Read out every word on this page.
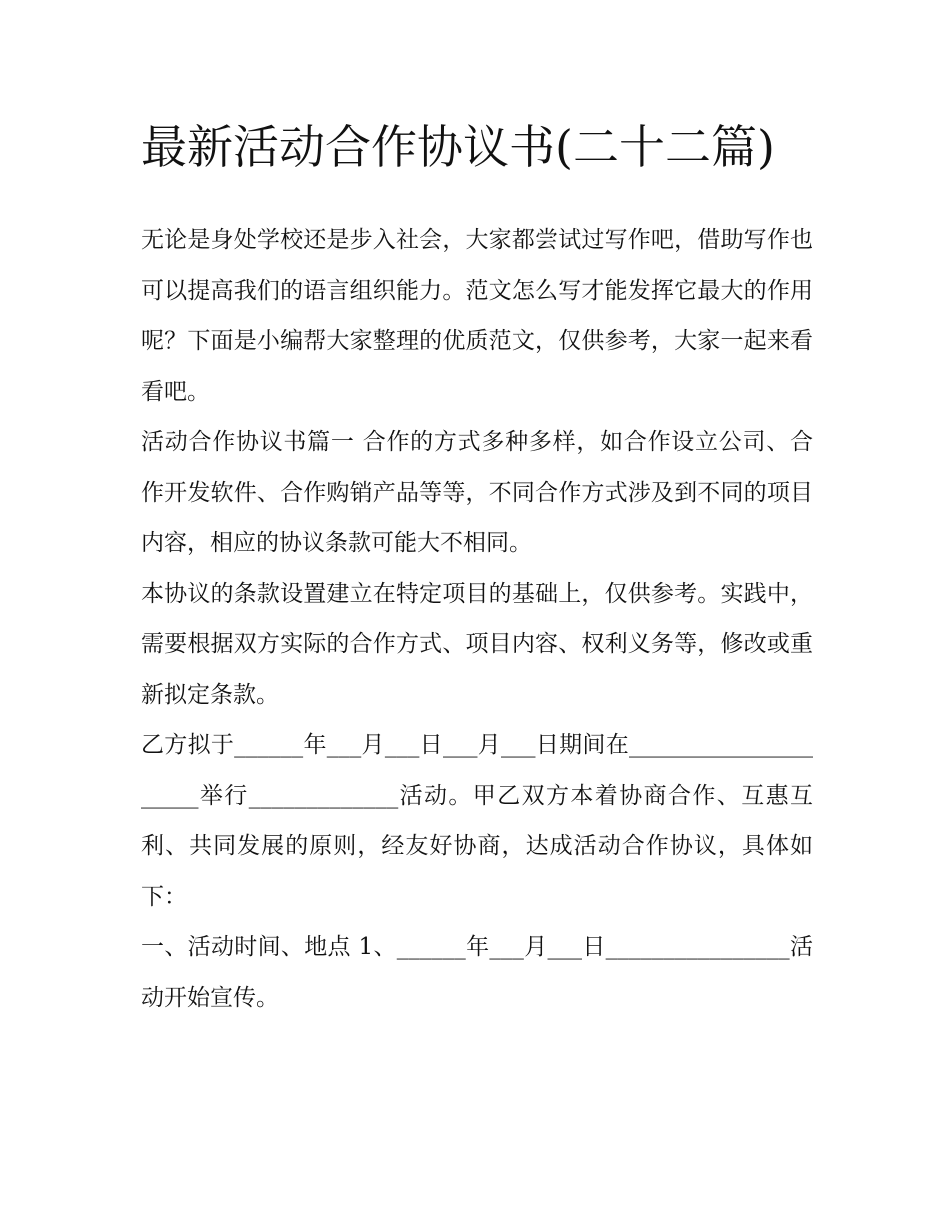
最新活动合作协议书(二十二篇)

无论是身处学校还是步入社会，大家都尝试过写作吧，借助写作也可以提高我们的语言组织能力。范文怎么写才能发挥它最大的作用呢？下面是小编帮大家整理的优质范文，仅供参考，大家一起来看看吧。

活动合作协议书篇一 合作的方式多种多样，如合作设立公司、合作开发软件、合作购销产品等等，不同合作方式涉及到不同的项目内容，相应的协议条款可能大不相同。

本协议的条款设置建立在特定项目的基础上，仅供参考。实践中，需要根据双方实际的合作方式、项目内容、权利义务等，修改或重新拟定条款。

乙方拟于______年___月___日___月___日期间在_____________________举行_____________活动。甲乙双方本着协商合作、互惠互利、共同发展的原则，经友好协商，达成活动合作协议，具体如下：

一、活动时间、地点 1、______年___月___日________________活动开始宣传。
